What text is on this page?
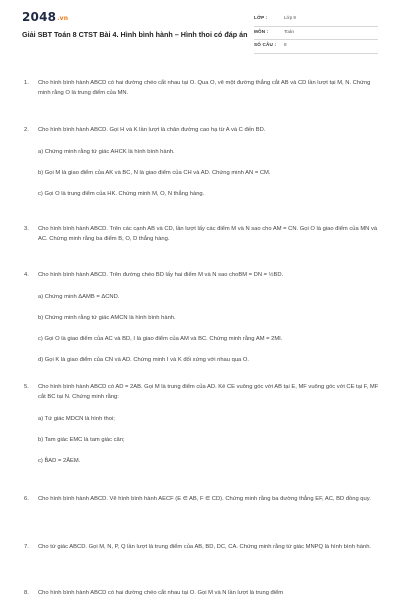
2048.vn
Giải SBT Toán 8 CTST Bài 4. Hình bình hành – Hình thoi có đáp án
LỚP :	Lớp 8
MÔN :	Toán
SỐ CÂU : 8
1. Cho hình bình hành ABCD có hai đường chéo cắt nhau tại O. Qua O, vẽ một đường thẳng cắt AB và CD lần lượt tại M, N. Chứng minh rằng O là trung điểm của MN.
2. Cho hình bình hành ABCD. Gọi H và K lần lượt là chân đường cao hạ từ A và C đến BD.
a) Chứng minh rằng tứ giác AHCK là hình bình hành.
b) Gọi M là giao điểm của AK và BC, N là giao điểm của CH và AD. Chứng minh AN = CM.
c) Gọi O là trung điểm của HK. Chứng minh M, O, N thẳng hàng.
3. Cho hình bình hành ABCD. Trên các cạnh AB và CD, lần lượt lấy các điểm M và N sao cho AM = CN. Gọi O là giao điểm của MN và AC. Chứng minh rằng ba điểm B, O, D thẳng hàng.
4. Cho hình bình hành ABCD. Trên đường chéo BD lấy hai điểm M và N sao choBM = DN = ½BD.
a) Chứng minh ΔAMB = ΔCND.
b) Chứng minh rằng tứ giác AMCN là hình bình hành.
c) Gọi O là giao điểm của AC và BD, I là giao điểm của AM và BC. Chứng minh rằng AM = 2MI.
d) Gọi K là giao điểm của CN và AD. Chứng minh I và K đối xứng với nhau qua O.
5. Cho hình bình hành ABCD có AD = 2AB. Gọi M là trung điểm của AD. Kẻ CE vuông góc với AB tại E, MF vuông góc với CE tại F, MF cắt BC tại N. Chứng minh rằng:
a) Tứ giác MDCN là hình thoi;
b) Tam giác EMC là tam giác cân;
c) B̂AD = 2ÂEM.
6. Cho hình bình hành ABCD. Vẽ hình bình hành AECF (E ∈ AB, F ∈ CD). Chứng minh rằng ba đường thẳng EF, AC, BD đồng quy.
7. Cho tứ giác ABCD. Gọi M, N, P, Q lần lượt là trung điểm của AB, BD, DC, CA. Chứng minh rằng tứ giác MNPQ là hình bình hành.
8. Cho hình bình hành ABCD có hai đường chéo cắt nhau tại O. Gọi M và N lần lượt là trung điểm
